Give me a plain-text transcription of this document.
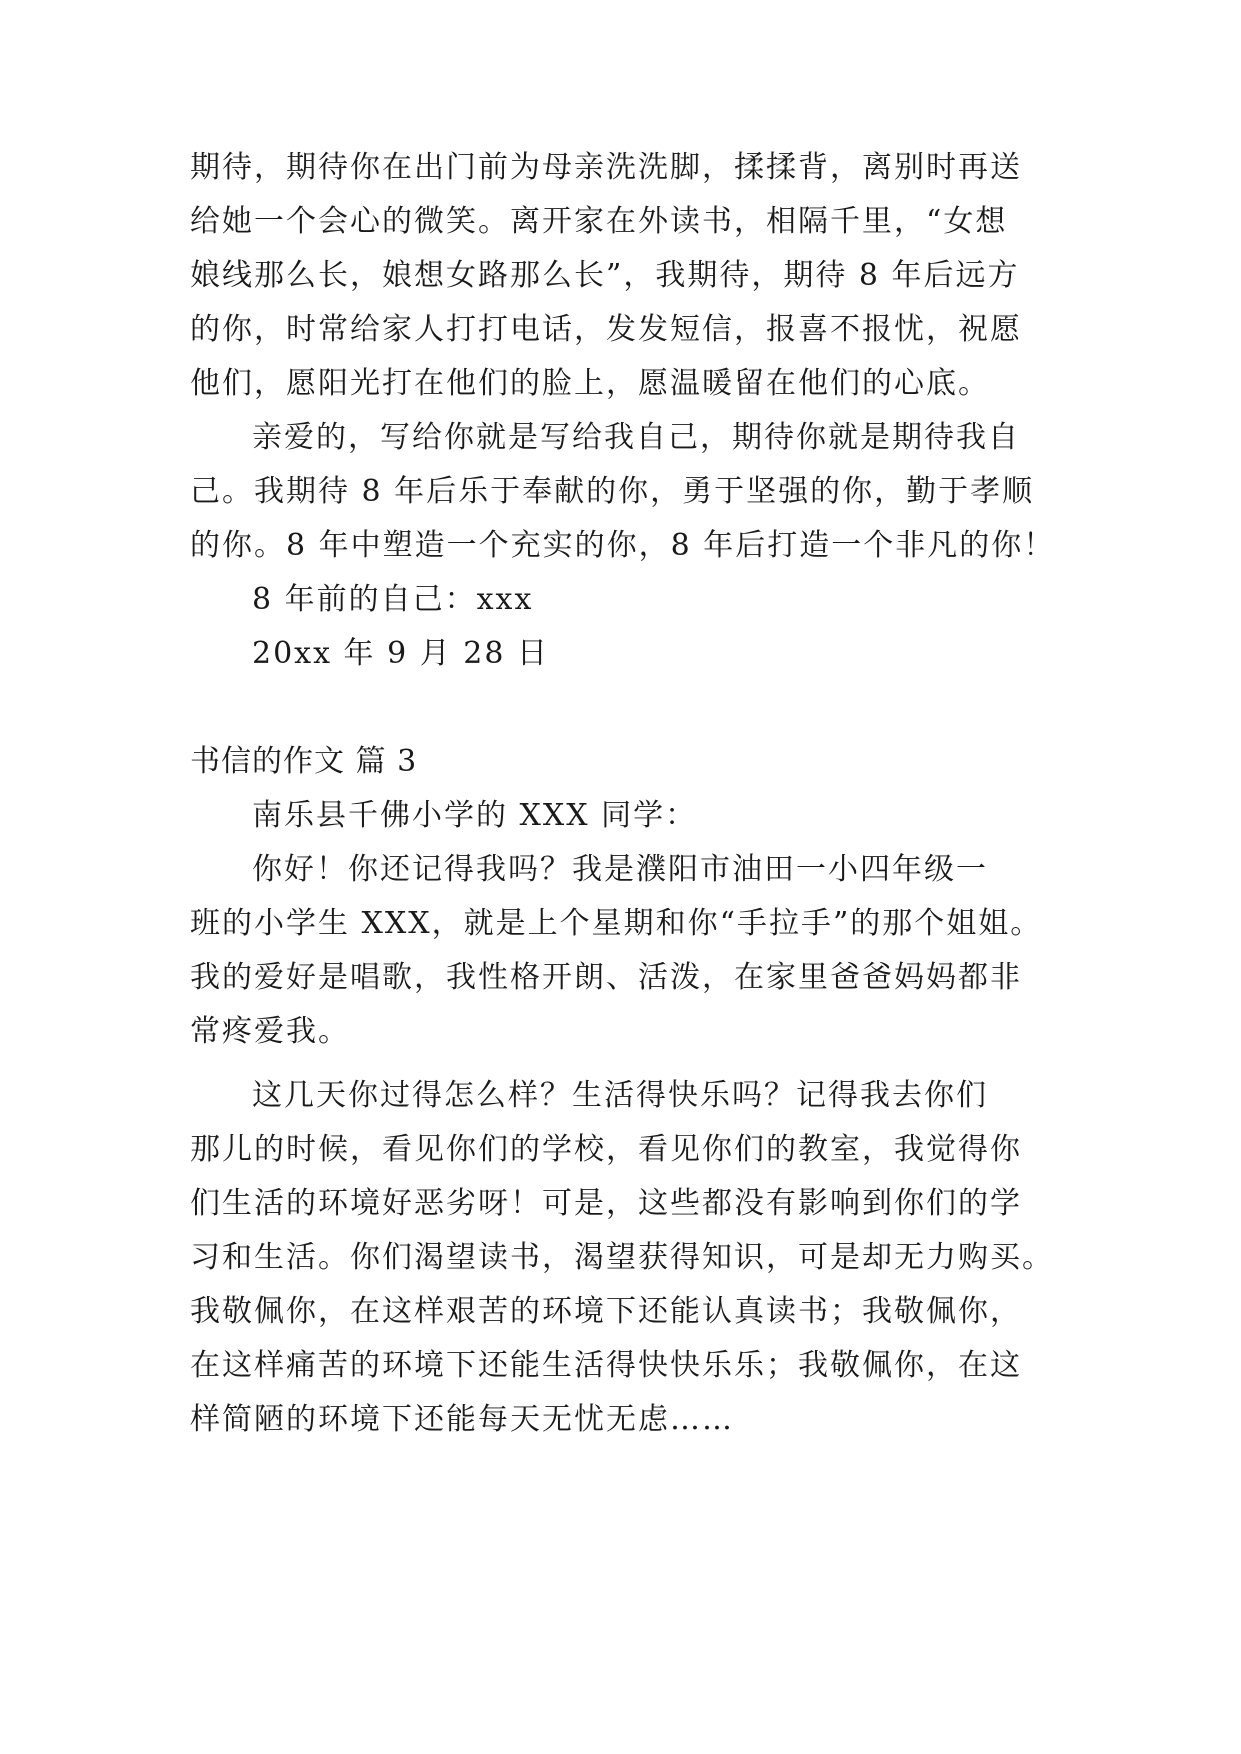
期待，期待你在出门前为母亲洗洗脚，揉揉背，离别时再送
给她一个会心的微笑。离开家在外读书，相隔千里，“女想
娘线那么长，娘想女路那么长”，我期待，期待 8 年后远方
的你，时常给家人打打电话，发发短信，报喜不报忧，祝愿
他们，愿阳光打在他们的脸上，愿温暖留在他们的心底。
亲爱的，写给你就是写给我自己，期待你就是期待我自
己。我期待 8 年后乐于奉献的你，勇于坚强的你，勤于孝顺
的你。8 年中塑造一个充实的你，8 年后打造一个非凡的你！
8 年前的自己：xxx
20xx 年 9 月 28 日
书信的作文 篇 3
南乐县千佛小学的 XXX 同学：
你好！你还记得我吗？我是濮阳市油田一小四年级一
班的小学生 XXX，就是上个星期和你“手拉手”的那个姐姐。
我的爱好是唱歌，我性格开朗、活泼，在家里爸爸妈妈都非
常疼爱我。
这几天你过得怎么样？生活得快乐吗？记得我去你们
那儿的时候，看见你们的学校，看见你们的教室，我觉得你
们生活的环境好恶劣呀！可是，这些都没有影响到你们的学
习和生活。你们渴望读书，渴望获得知识，可是却无力购买。
我敬佩你，在这样艰苦的环境下还能认真读书；我敬佩你，
在这样痛苦的环境下还能生活得快快乐乐；我敬佩你，在这
样简陋的环境下还能每天无忧无虑……
